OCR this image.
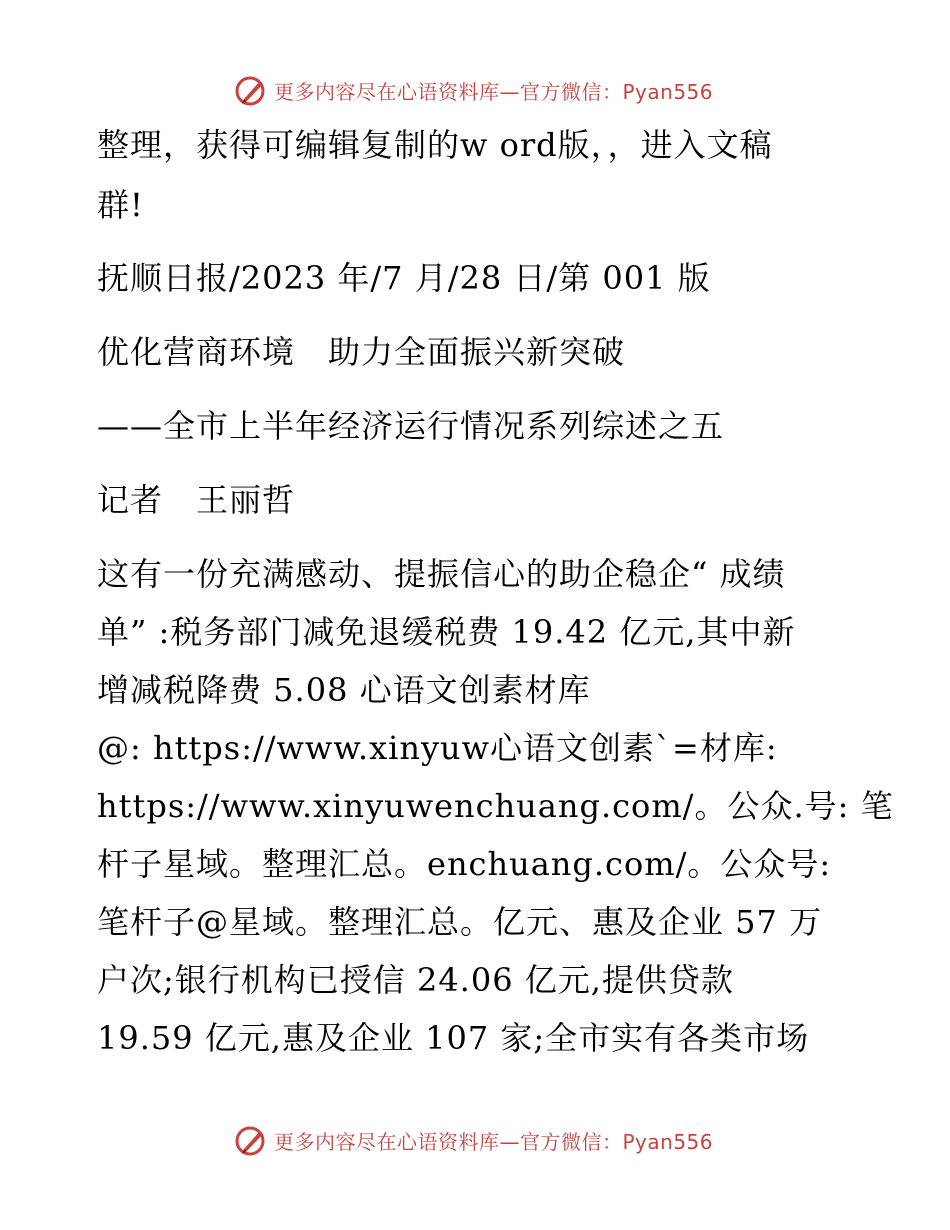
更多内容尽在心语资料库—官方微信：Pyan556
整理，获得可编辑复制的w ord版，，进入文稿
群!
抚顺日报/2023 年/7 月/28 日/第 001 版
优化营商环境　助力全面振兴新突破
——全市上半年经济运行情况系列综述之五
记者　王丽哲
这有一份充满感动、提振信心的助企稳企“ 成绩
单” :税务部门减免退缓税费 19.42 亿元,其中新
增减税降费 5.08 心语文创素材库
@: https://www.xinyuw心语文创素`=材库:
https://www.xinyuwenchuang.com/。公众.号: 笔
杆子星域。整理汇总。enchuang.com/。公众号:
笔杆子@星域。整理汇总。亿元、惠及企业 57 万
户次;银行机构已授信 24.06 亿元,提供贷款
19.59 亿元,惠及企业 107 家;全市实有各类市场
更多内容尽在心语资料库—官方微信：Pyan556
